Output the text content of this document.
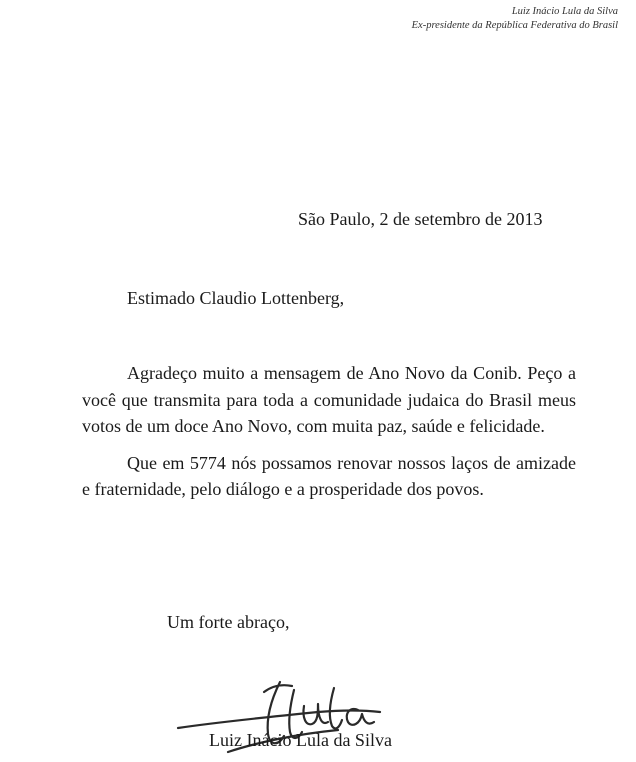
Luiz Inácio Lula da Silva
Ex-presidente da República Federativa do Brasil
São Paulo, 2 de setembro de 2013
Estimado Claudio Lottenberg,

Agradeço muito a mensagem de Ano Novo da Conib. Peço a você que transmita para toda a comunidade judaica do Brasil meus votos de um doce Ano Novo, com muita paz, saúde e felicidade.

Que em 5774 nós possamos renovar nossos laços de amizade e fraternidade, pelo diálogo e a prosperidade dos povos.

Um forte abraço,
Luiz Inácio Lula da Silva
